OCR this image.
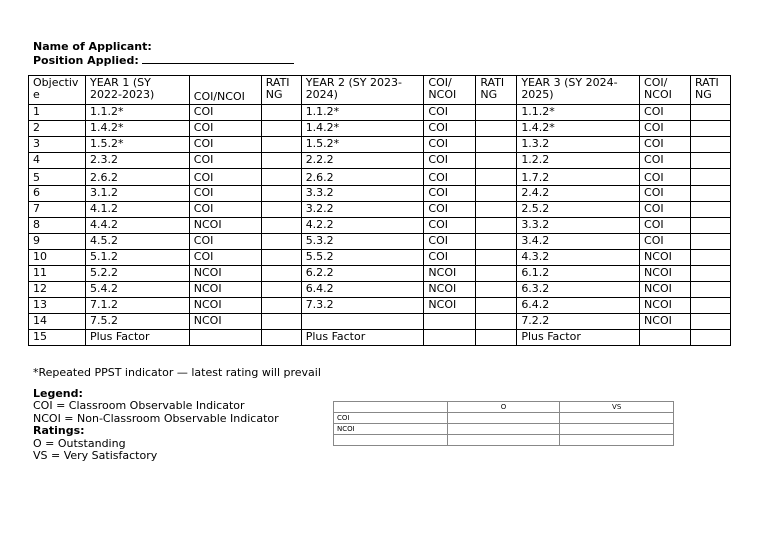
Name of Applicant:
Position Applied:
Objectiv e	YEAR 1 (SY 2022-2023)	COI/NCOI	RATI NG	YEAR 2 (SY 2023-2024)	COI/ NCOI	RATI NG	YEAR 3 (SY 2024-2025)	COI/ NCOI	RATI NG
1	1.1.2*	COI		1.1.2*	COI		1.1.2*	COI	
2	1.4.2*	COI		1.4.2*	COI		1.4.2*	COI	
3	1.5.2*	COI		1.5.2*	COI		1.3.2	COI	
4	2.3.2	COI		2.2.2	COI		1.2.2	COI	
5	2.6.2	COI		2.6.2	COI		1.7.2	COI	
6	3.1.2	COI		3.3.2	COI		2.4.2	COI	
7	4.1.2	COI		3.2.2	COI		2.5.2	COI	
8	4.4.2	NCOI		4.2.2	COI		3.3.2	COI	
9	4.5.2	COI		5.3.2	COI		3.4.2	COI	
10	5.1.2	COI		5.5.2	COI		4.3.2	NCOI	
11	5.2.2	NCOI		6.2.2	NCOI		6.1.2	NCOI	
12	5.4.2	NCOI		6.4.2	NCOI		6.3.2	NCOI	
13	7.1.2	NCOI		7.3.2	NCOI		6.4.2	NCOI	
14	7.5.2	NCOI					7.2.2	NCOI	
15	Plus Factor			Plus Factor			Plus Factor		
*Repeated PPST indicator — latest rating will prevail
Legend:
COI = Classroom Observable Indicator
NCOI = Non-Classroom Observable Indicator
Ratings:
O = Outstanding
VS = Very Satisfactory
	O	VS
COI		
NCOI		
